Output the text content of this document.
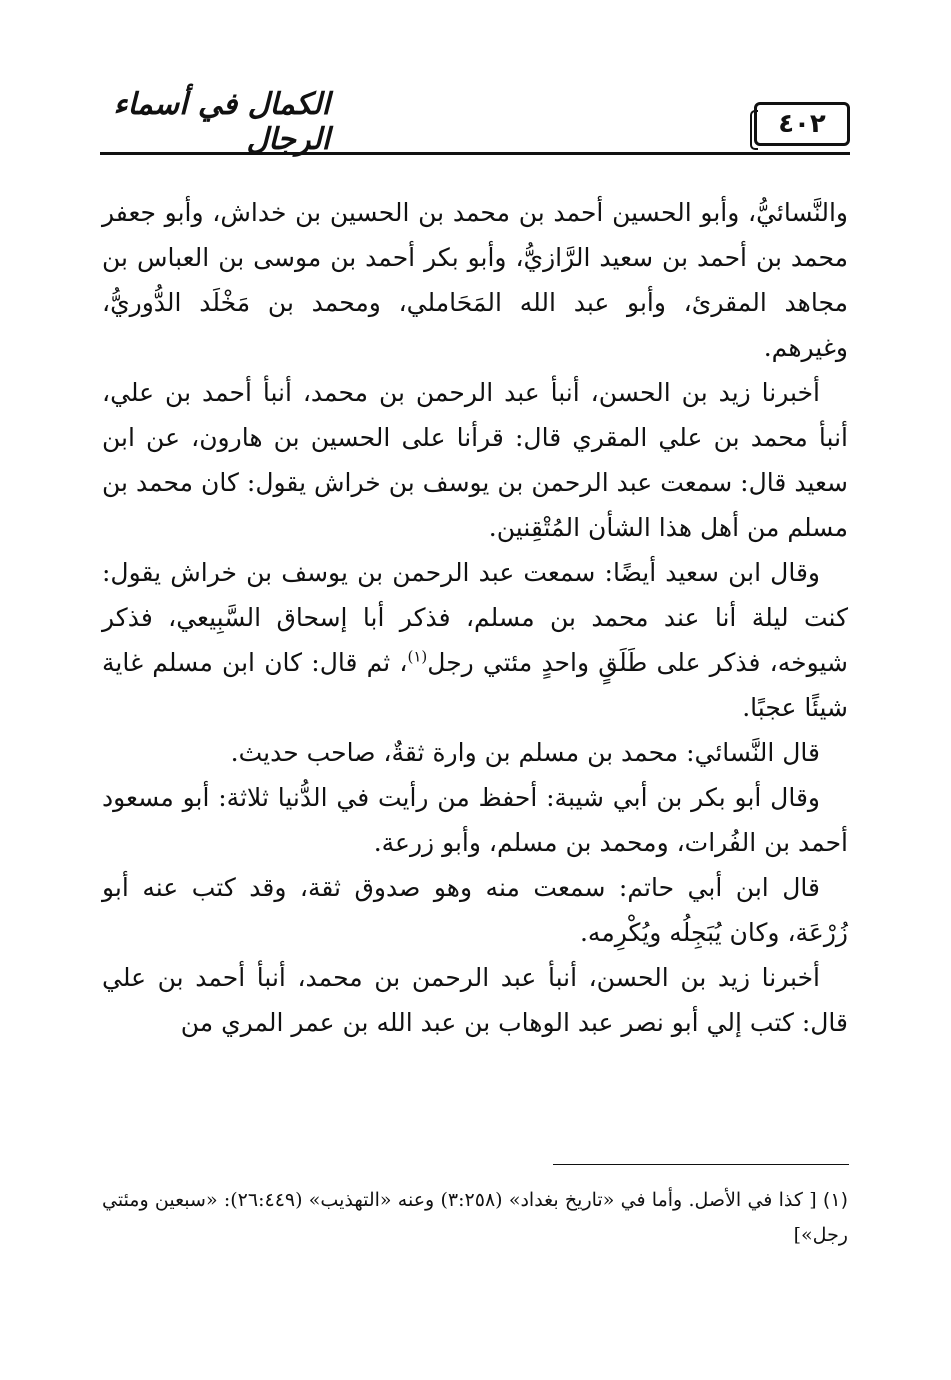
٤٠٢
الكمال في أسماء الرجال

والنَّسائيُّ، وأبو الحسين أحمد بن محمد بن الحسين بن خداش، وأبو جعفر محمد بن أحمد بن سعيد الرَّازيُّ، وأبو بكر أحمد بن موسى بن العباس بن مجاهد المقرئ، وأبو عبد الله المَحَاملي، ومحمد بن مَخْلَد الدُّوريُّ، وغيرهم.

أخبرنا زيد بن الحسن، أنبأ عبد الرحمن بن محمد، أنبأ أحمد بن علي، أنبأ محمد بن علي المقري قال: قرأنا على الحسين بن هارون، عن ابن سعيد قال: سمعت عبد الرحمن بن يوسف بن خراش يقول: كان محمد بن مسلم من أهل هذا الشأن المُتْقِنين.

وقال ابن سعيد أيضًا: سمعت عبد الرحمن بن يوسف بن خراش يقول: كنت ليلة أنا عند محمد بن مسلم، فذكر أبا إسحاق السَّبِيعي، فذكر شيوخه، فذكر على طَلَقٍ واحدٍ مئتي رجل$^{(١)}$، ثم قال: كان ابن مسلم غاية شيئًا عجبًا.

قال النَّسائي: محمد بن مسلم بن وارة ثقةٌ، صاحب حديث.

وقال أبو بكر بن أبي شيبة: أحفظ من رأيت في الدُّنيا ثلاثة: أبو مسعود أحمد بن الفُرات، ومحمد بن مسلم، وأبو زرعة.

قال ابن أبي حاتم: سمعت منه وهو صدوق ثقة، وقد كتب عنه أبو زُرْعَة، وكان يُبَجِلُه ويُكْرِمه.

أخبرنا زيد بن الحسن، أنبأ عبد الرحمن بن محمد، أنبأ أحمد بن علي قال: كتب إلي أبو نصر عبد الوهاب بن عبد الله بن عمر المري من

(١) [ كذا في الأصل. وأما في «تاريخ بغداد» (٣:٢٥٨) وعنه «التهذيب» (٢٦:٤٤٩): «سبعين ومئتي رجل»]
